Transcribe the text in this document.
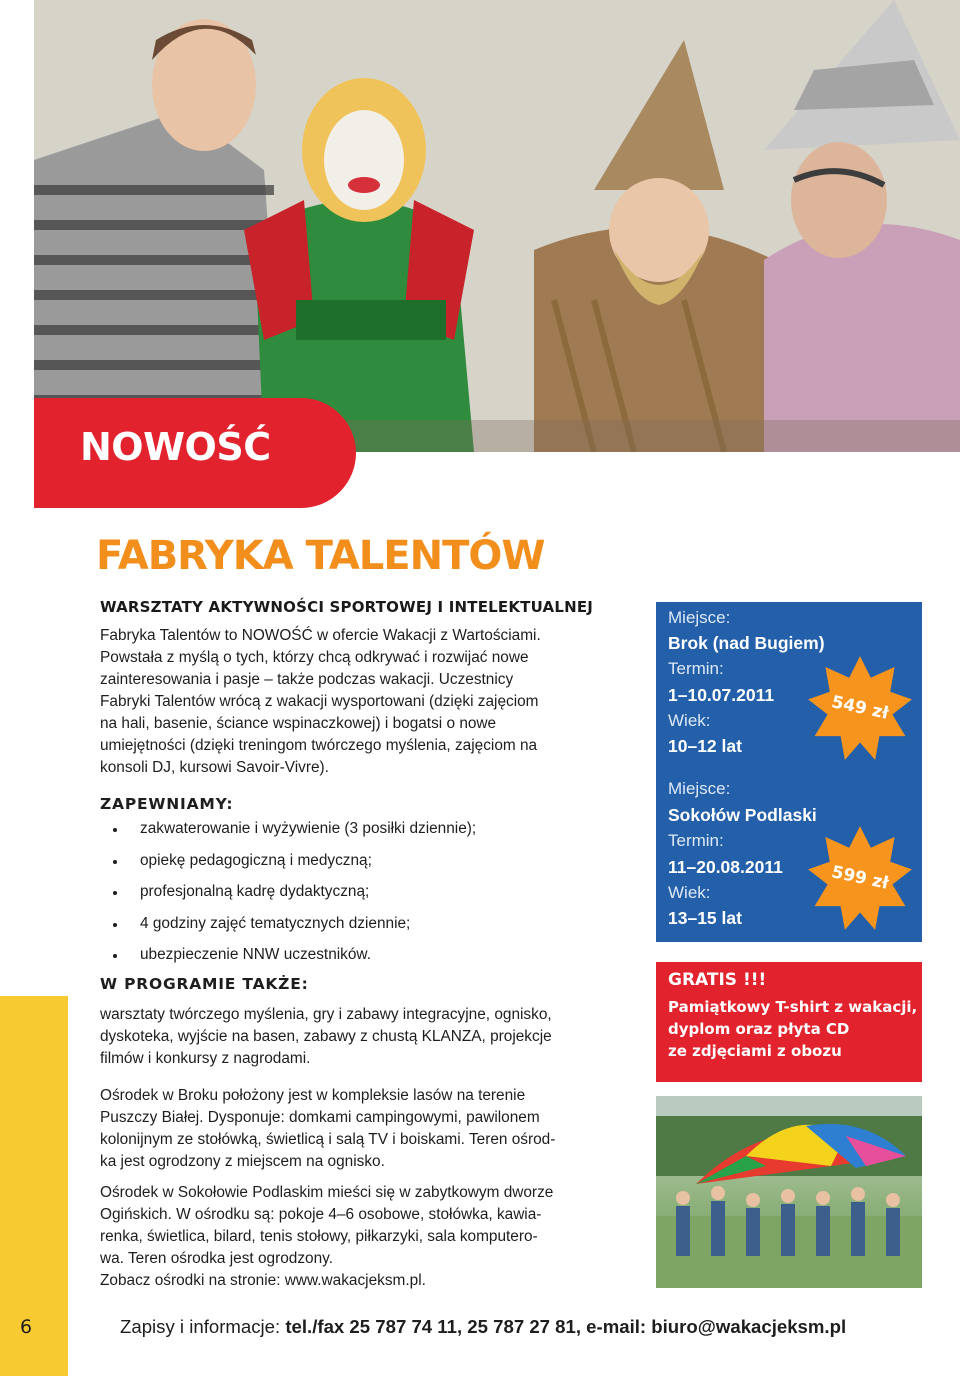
NOWOŚĆ
FABRYKA TALENTÓW
WARSZTATY AKTYWNOŚCI SPORTOWEJ I INTELEKTUALNEJ
Fabryka Talentów to NOWOŚĆ w ofercie Wakacji z Wartościami.
Powstała z myślą o tych, którzy chcą odkrywać i rozwijać nowe
zainteresowania i pasje – także podczas wakacji. Uczestnicy
Fabryki Talentów wrócą z wakacji wysportowani (dzięki zajęciom
na hali, basenie, ściance wspinaczkowej) i bogatsi o nowe
umiejętności (dzięki treningom twórczego myślenia, zajęciom na
konsoli DJ, kursowi Savoir-Vivre).
ZAPEWNIAMY:
zakwaterowanie i wyżywienie (3 posiłki dziennie);
opiekę pedagogiczną i medyczną;
profesjonalną kadrę dydaktyczną;
4 godziny zajęć tematycznych dziennie;
ubezpieczenie NNW uczestników.
W PROGRAMIE TAKŻE:
warsztaty twórczego myślenia, gry i zabawy integracyjne, ognisko,
dyskoteka, wyjście na basen, zabawy z chustą KLANZA, projekcje
filmów i konkursy z nagrodami.
Ośrodek w Broku położony jest w kompleksie lasów na terenie
Puszczy Białej. Dysponuje: domkami campingowymi, pawilonem
kolonijnym ze stołówką, świetlicą i salą TV i boiskami. Teren ośrod-
ka jest ogrodzony z miejscem na ognisko.
Ośrodek w Sokołowie Podlaskim mieści się w zabytkowym dworze
Ogińskich. W ośrodku są: pokoje 4–6 osobowe, stołówka, kawia-
renka, świetlica, bilard, tenis stołowy, piłkarzyki, sala komputero-
wa. Teren ośrodka jest ogrodzony.
Zobacz ośrodki na stronie: www.wakacjeksm.pl.
Miejsce:
Brok (nad Bugiem)
Termin:
1–10.07.2011
Wiek:
10–12 lat
Miejsce:
Sokołów Podlaski
Termin:
11–20.08.2011
Wiek:
13–15 lat
549 zł
599 zł
GRATIS !!!
Pamiątkowy T-shirt z wakacji,
dyplom oraz płyta CD
ze zdjęciami z obozu
6	Zapisy i informacje: tel./fax 25 787 74 11, 25 787 27 81, e-mail: biuro@wakacjeksm.pl
